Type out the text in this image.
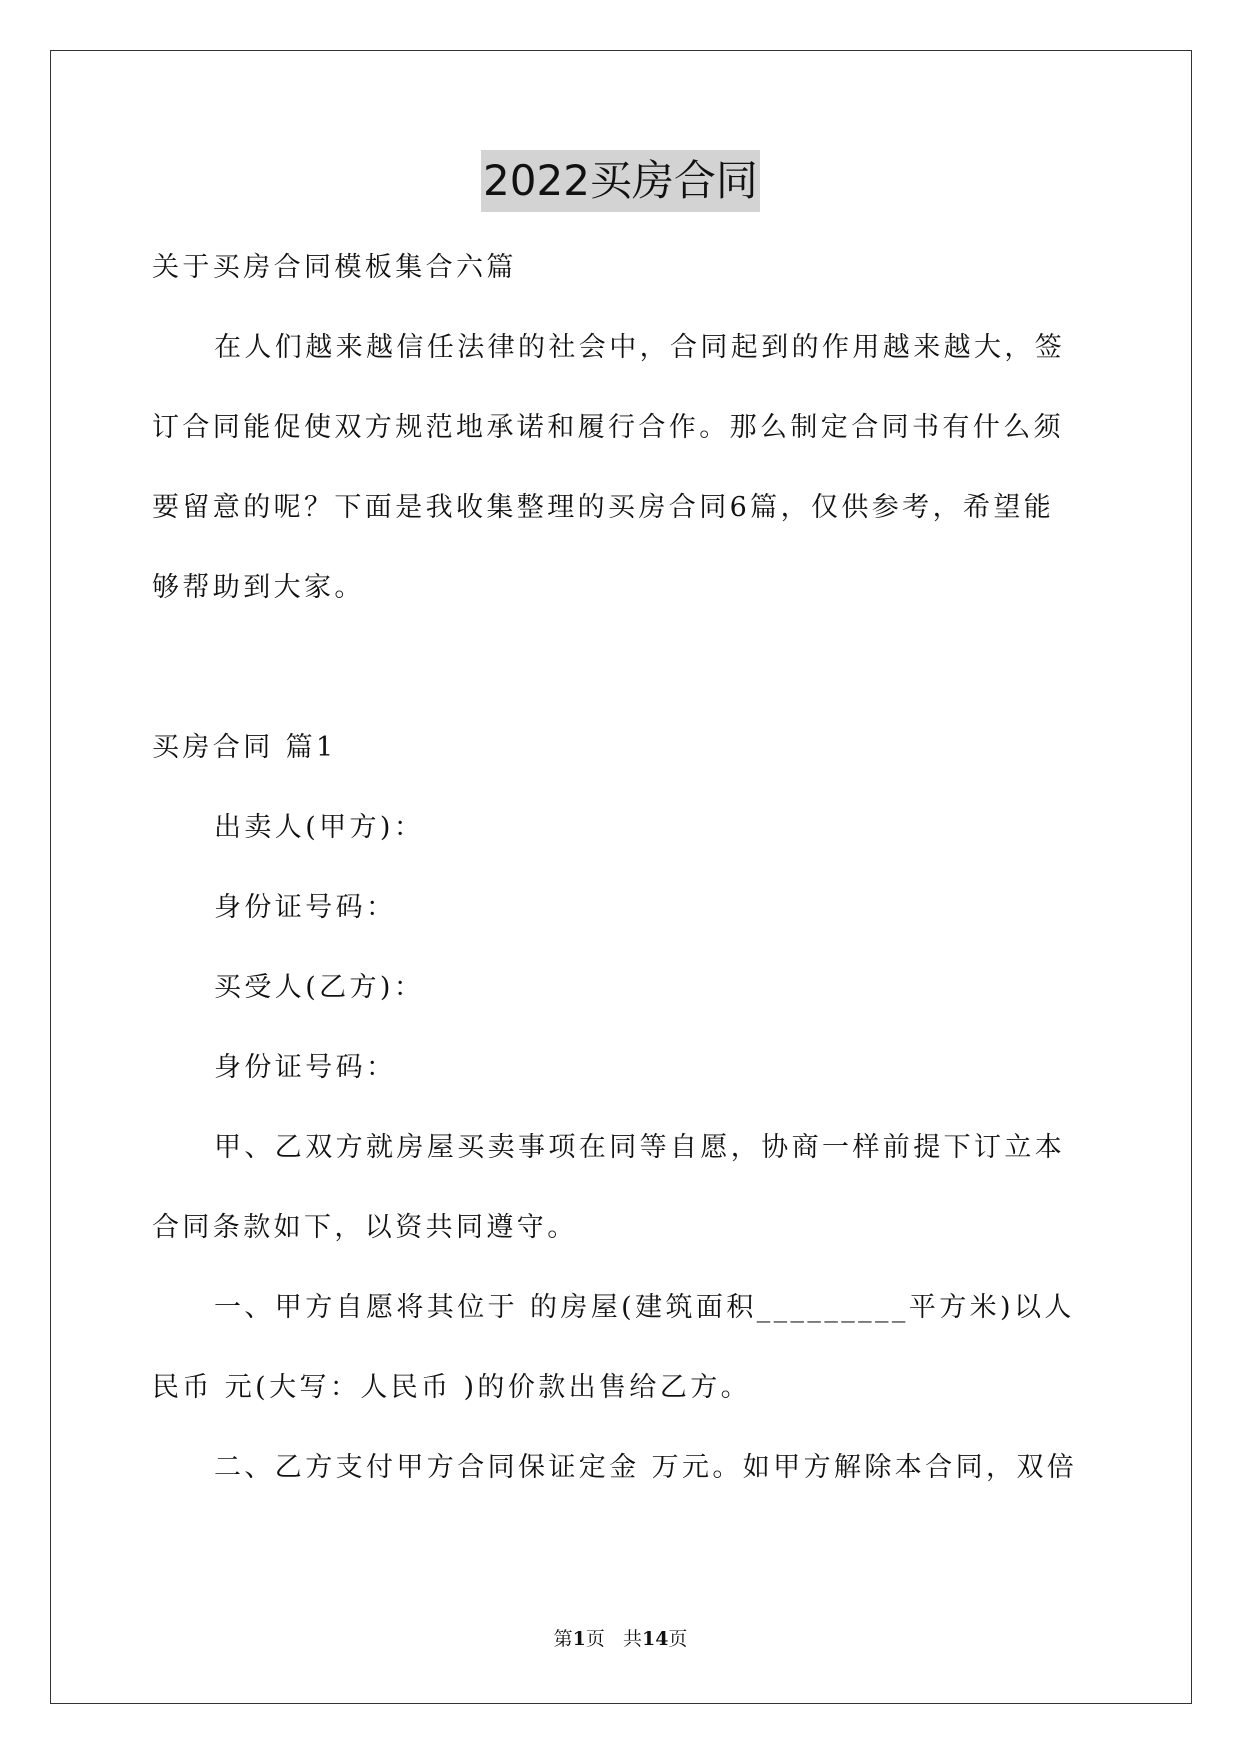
2022买房合同
关于买房合同模板集合六篇
在人们越来越信任法律的社会中，合同起到的作用越来越大，签
订合同能促使双方规范地承诺和履行合作。那么制定合同书有什么须
要留意的呢？下面是我收集整理的买房合同6篇，仅供参考，希望能
够帮助到大家。
买房合同 篇1
出卖人(甲方)：
身份证号码：
买受人(乙方)：
身份证号码：
甲、乙双方就房屋买卖事项在同等自愿，协商一样前提下订立本
合同条款如下，以资共同遵守。
一、甲方自愿将其位于 的房屋(建筑面积_________平方米)以人
民币 元(大写：人民币 )的价款出售给乙方。
二、乙方支付甲方合同保证定金 万元。如甲方解除本合同，双倍
第1页 共14页
